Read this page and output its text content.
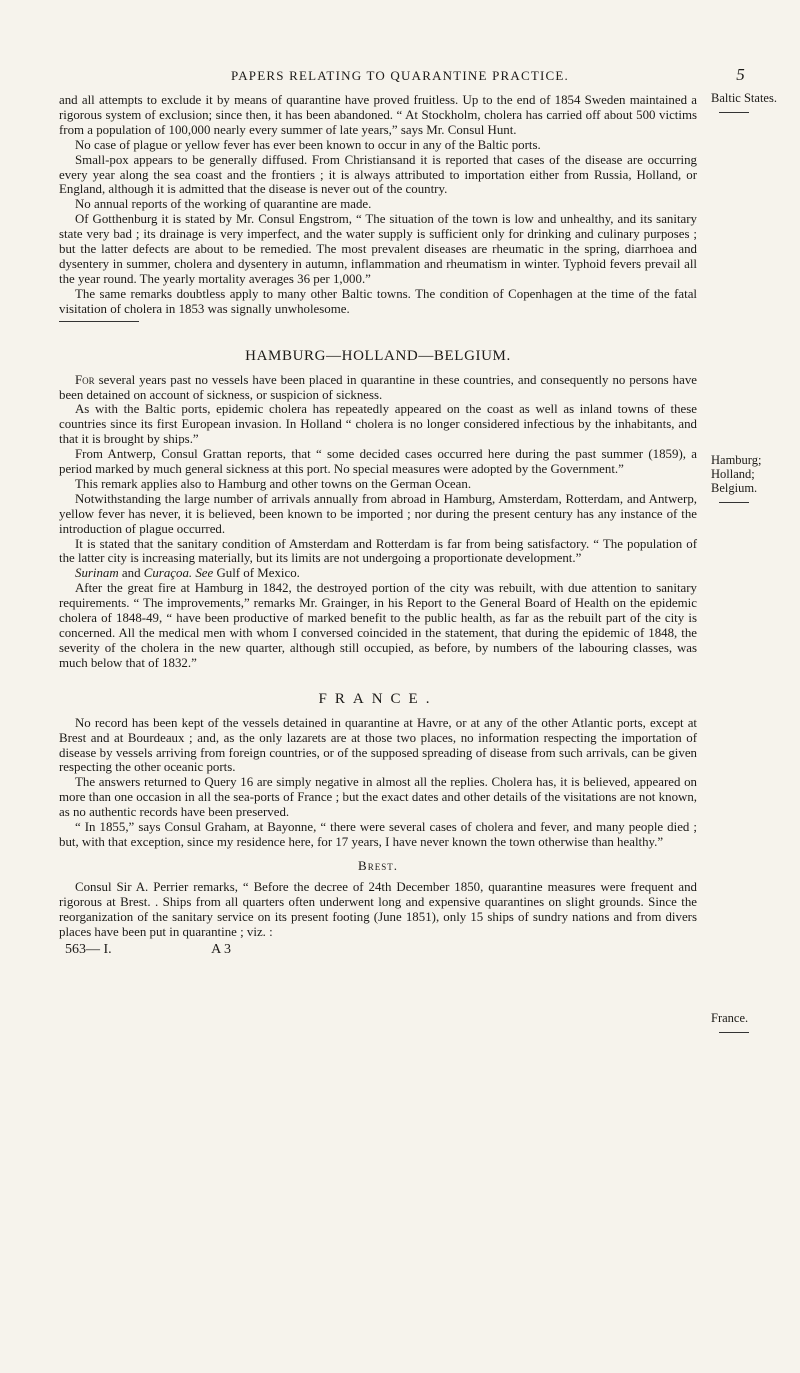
PAPERS RELATING TO QUARANTINE PRACTICE.	5
Baltic States.
Hamburg;
Holland;
Belgium.
France.

and all attempts to exclude it by means of quarantine have proved fruitless. Up to the end of 1854 Sweden maintained a rigorous system of exclusion; since then, it has been abandoned. “ At Stockholm, cholera has carried off about 500 victims from a population of 100,000 nearly every summer of late years,” says Mr. Consul Hunt.

No case of plague or yellow fever has ever been known to occur in any of the Baltic ports.

Small-pox appears to be generally diffused. From Christiansand it is reported that cases of the disease are occurring every year along the sea coast and the frontiers ; it is always attributed to importation either from Russia, Holland, or England, although it is admitted that the disease is never out of the country.

No annual reports of the working of quarantine are made.

Of Gotthenburg it is stated by Mr. Consul Engstrom, “ The situation of the town is low and unhealthy, and its sanitary state very bad ; its drainage is very imperfect, and the water supply is sufficient only for drinking and culinary purposes ; but the latter defects are about to be remedied. The most prevalent diseases are rheumatic in the spring, diarrhoea and dysentery in summer, cholera and dysentery in autumn, inflammation and rheumatism in winter. Typhoid fevers prevail all the year round. The yearly mortality averages 36 per 1,000.”

The same remarks doubtless apply to many other Baltic towns. The condition of Copenhagen at the time of the fatal visitation of cholera in 1853 was signally unwholesome.

HAMBURG—HOLLAND—BELGIUM.

For several years past no vessels have been placed in quarantine in these countries, and consequently no persons have been detained on account of sickness, or suspicion of sickness.

As with the Baltic ports, epidemic cholera has repeatedly appeared on the coast as well as inland towns of these countries since its first European invasion. In Holland “ cholera is no longer considered infectious by the inhabitants, and that it is brought by ships.”

From Antwerp, Consul Grattan reports, that “ some decided cases occurred here during the past summer (1859), a period marked by much general sickness at this port. No special measures were adopted by the Government.”

This remark applies also to Hamburg and other towns on the German Ocean.

Notwithstanding the large number of arrivals annually from abroad in Hamburg, Amsterdam, Rotterdam, and Antwerp, yellow fever has never, it is believed, been known to be imported ; nor during the present century has any instance of the introduction of plague occurred.

It is stated that the sanitary condition of Amsterdam and Rotterdam is far from being satisfactory. “ The population of the latter city is increasing materially, but its limits are not undergoing a proportionate development.”

Surinam and Curaçoa. See Gulf of Mexico.

After the great fire at Hamburg in 1842, the destroyed portion of the city was rebuilt, with due attention to sanitary requirements. “ The improvements,” remarks Mr. Grainger, in his Report to the General Board of Health on the epidemic cholera of 1848-49, “ have been productive of marked benefit to the public health, as far as the rebuilt part of the city is concerned. All the medical men with whom I conversed coincided in the statement, that during the epidemic of 1848, the severity of the cholera in the new quarter, although still occupied, as before, by numbers of the labouring classes, was much below that of 1832.”

FRANCE.

No record has been kept of the vessels detained in quarantine at Havre, or at any of the other Atlantic ports, except at Brest and at Bourdeaux ; and, as the only lazarets are at those two places, no information respecting the importation of disease by vessels arriving from foreign countries, or of the supposed spreading of disease from such arrivals, can be given respecting the other oceanic ports.

The answers returned to Query 16 are simply negative in almost all the replies. Cholera has, it is believed, appeared on more than one occasion in all the sea-ports of France ; but the exact dates and other details of the visitations are not known, as no authentic records have been preserved.

“ In 1855,” says Consul Graham, at Bayonne, “ there were several cases of cholera and fever, and many people died ; but, with that exception, since my residence here, for 17 years, I have never known the town otherwise than healthy.”

Brest.

Consul Sir A. Perrier remarks, “ Before the decree of 24th December 1850, quarantine measures were frequent and rigorous at Brest. . Ships from all quarters often underwent long and expensive quarantines on slight grounds. Since the reorganization of the sanitary service on its present footing (June 1851), only 15 ships of sundry nations and from divers places have been put in quarantine ; viz. :

563— I.	A 3
